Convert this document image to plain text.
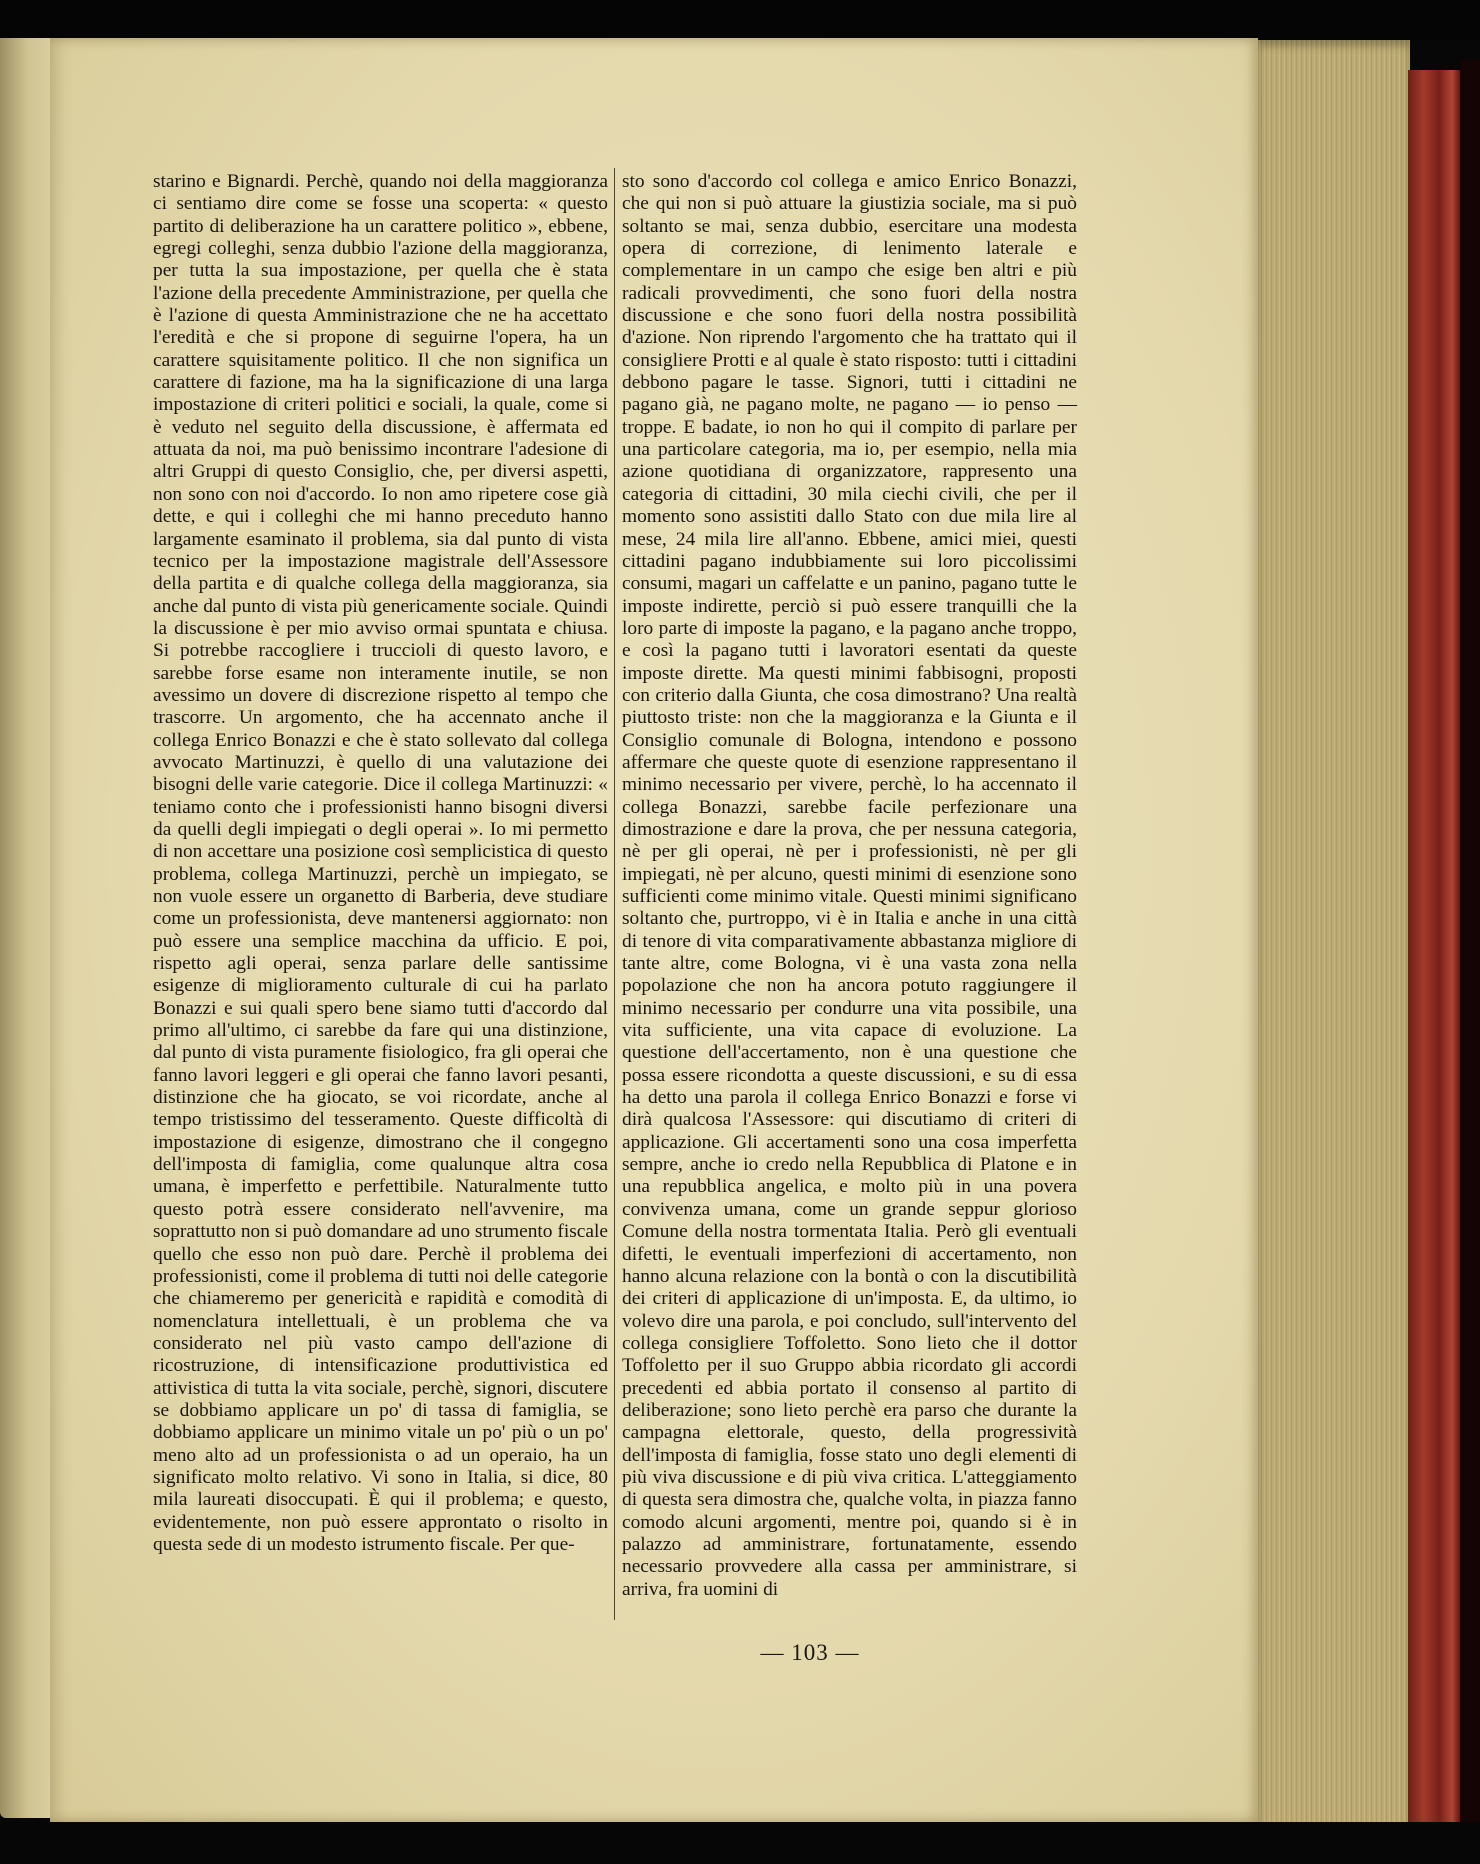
starino e Bignardi. Perchè, quando noi della maggioranza ci sentiamo dire come se fosse una scoperta: « questo partito di deliberazione ha un carattere politico », ebbene, egregi colleghi, senza dubbio l'azione della maggioranza, per tutta la sua impostazione, per quella che è stata l'azione della precedente Amministrazione, per quella che è l'azione di questa Amministrazione che ne ha accettato l'eredità e che si propone di seguirne l'opera, ha un carattere squisitamente politico. Il che non significa un carattere di fazione, ma ha la significazione di una larga impostazione di criteri politici e sociali, la quale, come si è veduto nel seguito della discussione, è affermata ed attuata da noi, ma può benissimo incontrare l'adesione di altri Gruppi di questo Consiglio, che, per diversi aspetti, non sono con noi d'accordo. Io non amo ripetere cose già dette, e qui i colleghi che mi hanno preceduto hanno largamente esaminato il problema, sia dal punto di vista tecnico per la impostazione magistrale dell'Assessore della partita e di qualche collega della maggioranza, sia anche dal punto di vista più genericamente sociale. Quindi la discussione è per mio avviso ormai spuntata e chiusa. Si potrebbe raccogliere i truccioli di questo lavoro, e sarebbe forse esame non interamente inutile, se non avessimo un dovere di discrezione rispetto al tempo che trascorre. Un argomento, che ha accennato anche il collega Enrico Bonazzi e che è stato sollevato dal collega avvocato Martinuzzi, è quello di una valutazione dei bisogni delle varie categorie. Dice il collega Martinuzzi: « teniamo conto che i professionisti hanno bisogni diversi da quelli degli impiegati o degli operai ». Io mi permetto di non accettare una posizione così semplicistica di questo problema, collega Martinuzzi, perchè un impiegato, se non vuole essere un organetto di Barberia, deve studiare come un professionista, deve mantenersi aggiornato: non può essere una semplice macchina da ufficio. E poi, rispetto agli operai, senza parlare delle santissime esigenze di miglioramento culturale di cui ha parlato Bonazzi e sui quali spero bene siamo tutti d'accordo dal primo all'ultimo, ci sarebbe da fare qui una distinzione, dal punto di vista puramente fisiologico, fra gli operai che fanno lavori leggeri e gli operai che fanno lavori pesanti, distinzione che ha giocato, se voi ricordate, anche al tempo tristissimo del tesseramento. Queste difficoltà di impostazione di esigenze, dimostrano che il congegno dell'imposta di famiglia, come qualunque altra cosa umana, è imperfetto e perfettibile. Naturalmente tutto questo potrà essere considerato nell'avvenire, ma soprattutto non si può domandare ad uno strumento fiscale quello che esso non può dare. Perchè il problema dei professionisti, come il problema di tutti noi delle categorie che chiameremo per genericità e rapidità e comodità di nomenclatura intellettuali, è un problema che va considerato nel più vasto campo dell'azione di ricostruzione, di intensificazione produttivistica ed attivistica di tutta la vita sociale, perchè, signori, discutere se dobbiamo applicare un po' di tassa di famiglia, se dobbiamo applicare un minimo vitale un po' più o un po' meno alto ad un professionista o ad un operaio, ha un significato molto relativo. Vi sono in Italia, si dice, 80 mila laureati disoccupati. È qui il problema; e questo, evidentemente, non può essere approntato o risolto in questa sede di un modesto istrumento fiscale. Per que-

sto sono d'accordo col collega e amico Enrico Bonazzi, che qui non si può attuare la giustizia sociale, ma si può soltanto se mai, senza dubbio, esercitare una modesta opera di correzione, di lenimento laterale e complementare in un campo che esige ben altri e più radicali provvedimenti, che sono fuori della nostra discussione e che sono fuori della nostra possibilità d'azione. Non riprendo l'argomento che ha trattato qui il consigliere Protti e al quale è stato risposto: tutti i cittadini debbono pagare le tasse. Signori, tutti i cittadini ne pagano già, ne pagano molte, ne pagano — io penso — troppe. E badate, io non ho qui il compito di parlare per una particolare categoria, ma io, per esempio, nella mia azione quotidiana di organizzatore, rappresento una categoria di cittadini, 30 mila ciechi civili, che per il momento sono assistiti dallo Stato con due mila lire al mese, 24 mila lire all'anno. Ebbene, amici miei, questi cittadini pagano indubbiamente sui loro piccolissimi consumi, magari un caffelatte e un panino, pagano tutte le imposte indirette, perciò si può essere tranquilli che la loro parte di imposte la pagano, e la pagano anche troppo, e così la pagano tutti i lavoratori esentati da queste imposte dirette. Ma questi minimi fabbisogni, proposti con criterio dalla Giunta, che cosa dimostrano? Una realtà piuttosto triste: non che la maggioranza e la Giunta e il Consiglio comunale di Bologna, intendono e possono affermare che queste quote di esenzione rappresentano il minimo necessario per vivere, perchè, lo ha accennato il collega Bonazzi, sarebbe facile perfezionare una dimostrazione e dare la prova, che per nessuna categoria, nè per gli operai, nè per i professionisti, nè per gli impiegati, nè per alcuno, questi minimi di esenzione sono sufficienti come minimo vitale. Questi minimi significano soltanto che, purtroppo, vi è in Italia e anche in una città di tenore di vita comparativamente abbastanza migliore di tante altre, come Bologna, vi è una vasta zona nella popolazione che non ha ancora potuto raggiungere il minimo necessario per condurre una vita possibile, una vita sufficiente, una vita capace di evoluzione. La questione dell'accertamento, non è una questione che possa essere ricondotta a queste discussioni, e su di essa ha detto una parola il collega Enrico Bonazzi e forse vi dirà qualcosa l'Assessore: qui discutiamo di criteri di applicazione. Gli accertamenti sono una cosa imperfetta sempre, anche io credo nella Repubblica di Platone e in una repubblica angelica, e molto più in una povera convivenza umana, come un grande seppur glorioso Comune della nostra tormentata Italia. Però gli eventuali difetti, le eventuali imperfezioni di accertamento, non hanno alcuna relazione con la bontà o con la discutibilità dei criteri di applicazione di un'imposta. E, da ultimo, io volevo dire una parola, e poi concludo, sull'intervento del collega consigliere Toffoletto. Sono lieto che il dottor Toffoletto per il suo Gruppo abbia ricordato gli accordi precedenti ed abbia portato il consenso al partito di deliberazione; sono lieto perchè era parso che durante la campagna elettorale, questo, della progressività dell'imposta di famiglia, fosse stato uno degli elementi di più viva discussione e di più viva critica. L'atteggiamento di questa sera dimostra che, qualche volta, in piazza fanno comodo alcuni argomenti, mentre poi, quando si è in palazzo ad amministrare, fortunatamente, essendo necessario provvedere alla cassa per amministrare, si arriva, fra uomini di

— 103 —
